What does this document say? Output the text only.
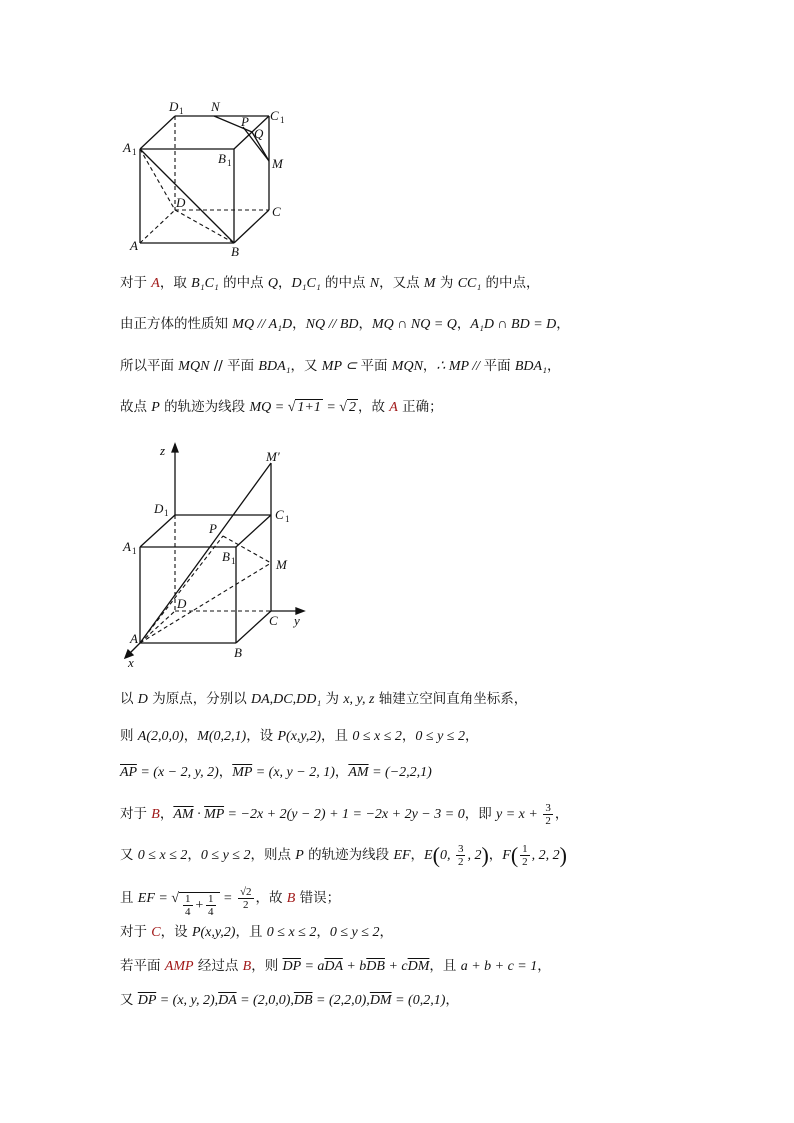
D 1	C 1
A 1	B 1
N
P
Q
M
D
C
A	B
对于 A，取 B₁C₁ 的中点 Q，D₁C₁ 的中点 N，又点 M 为 CC₁ 的中点，
由正方体的性质知 MQ // A₁D，NQ // BD，MQ ∩ NQ = Q，A₁D ∩ BD = D，
所以平面 MQN // 平面 BDA₁，又 MP ⊂ 平面 MQN，∴ MP // 平面 BDA₁，
故点 P 的轨迹为线段 MQ = √ 1+1 = √ 2 ，故 A 正确；
z	M′
D 1	C 1
A 1
P
B 1	M
D
C y
A
B
x
以 D 为原点，分别以 DA,DC,DD₁ 为 x, y, z 轴建立空间直角坐标系，
则 A(2,0,0)，M(0,2,1)，设 P(x,y,2)，且 0 ≤ x ≤ 2，0 ≤ y ≤ 2，
$\overline{AP} = (x - 2$, y, 2)，$\overline{MP} = (x$, y − 2, 1)，$\overline{AM} = (-2,2,1)$
对于 B，$\overline{AM} \cdot \overline{MP} = -2x + 2(y - 2) + 1 = -2x + 2y - 3 = 0$，即 $y = x + \frac{3}{2}$ ，
又 0 ≤ x ≤ 2，0 ≤ y ≤ 2，则点 P 的轨迹为线段 EF，E(0, $\frac{3}{2}$ , 2)，$F( \frac{1}{2}$ , 2, 2)
且 EF = √ $\frac{1}{4} + \frac{1}{4} = \frac{√2}{2}$ ，故 B 错误；
对于 C，设 P(x,y,2)，且 0 ≤ x ≤ 2，0 ≤ y ≤ 2，
若平面 AMP 经过点 B，则 $\overline{DP} = a\overline{DA} + b\overline{DB} + c\overline{DM}$，且 a + b + c = 1，
又 $\overline{DP} = (x$, y, $2),\overline{DA} = (2,0,0),\overline{DB} = (2,2,0),\overline{DM} = (0,2,1)$，
